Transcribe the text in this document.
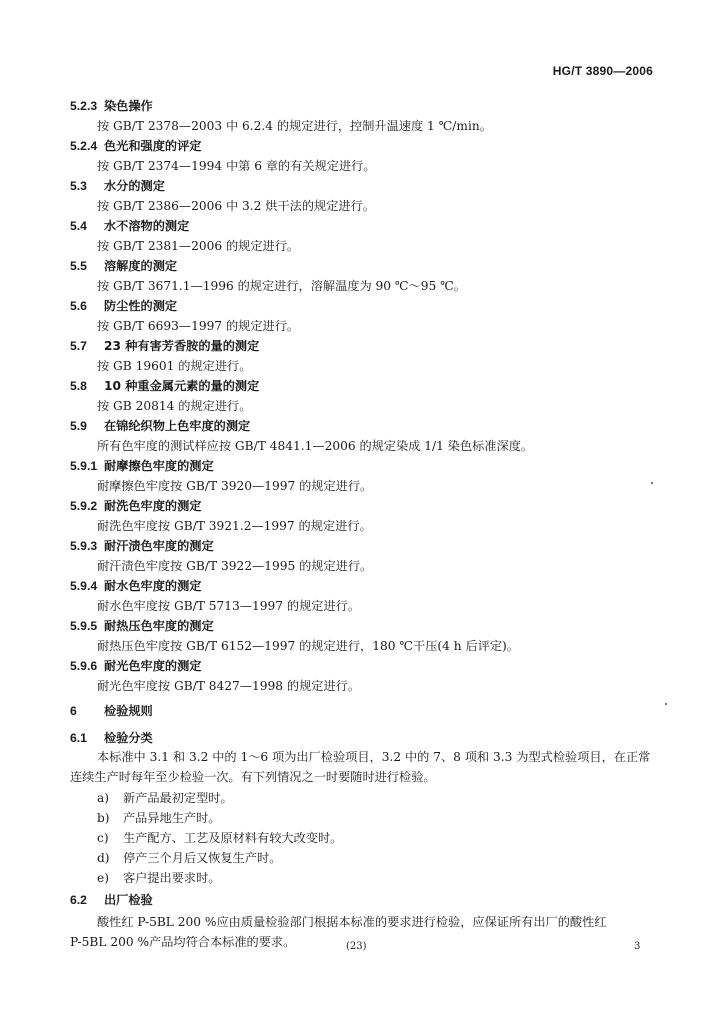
HG/T 3890—2006
5.2.3 染色操作
按 GB/T 2378—2003 中 6.2.4 的规定进行，控制升温速度 1 ℃/min。
5.2.4 色光和强度的评定
按 GB/T 2374—1994 中第 6 章的有关规定进行。
5.3 水分的测定
按 GB/T 2386—2006 中 3.2 烘干法的规定进行。
5.4 水不溶物的测定
按 GB/T 2381—2006 的规定进行。
5.5 溶解度的测定
按 GB/T 3671.1—1996 的规定进行，溶解温度为 90 ℃～95 ℃。
5.6 防尘性的测定
按 GB/T 6693—1997 的规定进行。
5.7 23 种有害芳香胺的量的测定
按 GB 19601 的规定进行。
5.8 10 种重金属元素的量的测定
按 GB 20814 的规定进行。
5.9 在锦纶织物上色牢度的测定
所有色牢度的测试样应按 GB/T 4841.1—2006 的规定染成 1/1 染色标准深度。
5.9.1 耐摩擦色牢度的测定
耐摩擦色牢度按 GB/T 3920—1997 的规定进行。
5.9.2 耐洗色牢度的测定
耐洗色牢度按 GB/T 3921.2—1997 的规定进行。
5.9.3 耐汗渍色牢度的测定
耐汗渍色牢度按 GB/T 3922—1995 的规定进行。
5.9.4 耐水色牢度的测定
耐水色牢度按 GB/T 5713—1997 的规定进行。
5.9.5 耐热压色牢度的测定
耐热压色牢度按 GB/T 6152—1997 的规定进行，180 ℃干压(4 h 后评定)。
5.9.6 耐光色牢度的测定
耐光色牢度按 GB/T 8427—1998 的规定进行。
6 检验规则
6.1 检验分类
本标准中 3.1 和 3.2 中的 1～6 项为出厂检验项目，3.2 中的 7、8 项和 3.3 为型式检验项目，在正常
连续生产时每年至少检验一次。有下列情况之一时要随时进行检验。
a) 新产品最初定型时。
b) 产品异地生产时。
c) 生产配方、工艺及原材料有较大改变时。
d) 停产三个月后又恢复生产时。
e) 客户提出要求时。
6.2 出厂检验
酸性红 P-5BL 200 %应由质量检验部门根据本标准的要求进行检验，应保证所有出厂的酸性红
P-5BL 200 %产品均符合本标准的要求。	(23)	3
